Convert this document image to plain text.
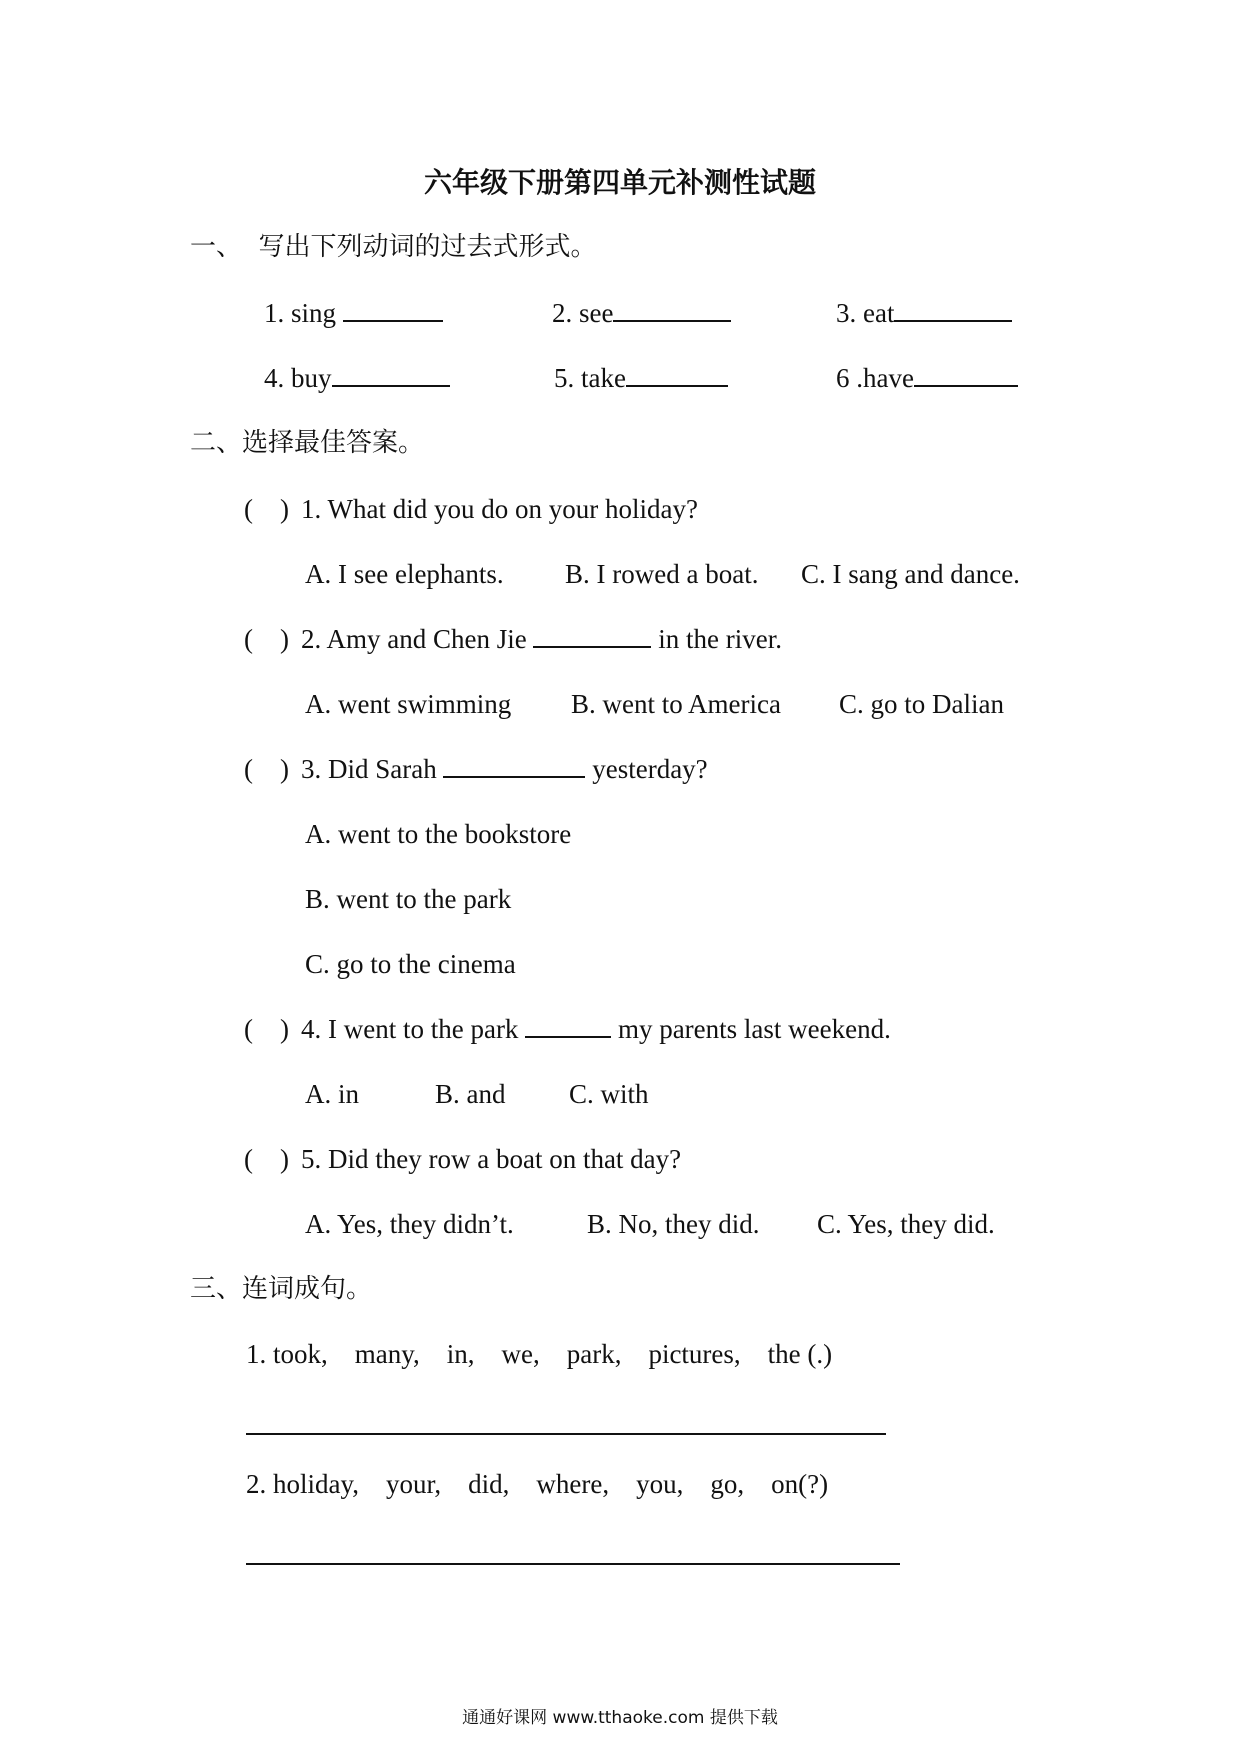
六年级下册第四单元补测性试题
一、  写出下列动词的过去式形式。
1. sing	2. see	3. eat
4. buy	5. take	6 .have
二、选择最佳答案。
(    ) 1. What did you do on your holiday?
A. I see elephants. B. I rowed a boat. C. I sang and dance.
(    ) 2. Amy and Chen Jie	in the river.
A. went swimming B. went to America C. go to Dalian
(    ) 3. Did Sarah	yesterday?
A. went to the bookstore
B. went to the park
C. go to the cinema
(    ) 4. I went to the park	my parents last weekend.
A. in	B. and C. with
(    ) 5. Did they row a boat on that day?
A. Yes, they didn’t.	B. No, they did. C. Yes, they did.
三、连词成句。
1. took,    many,    in,    we,    park,    pictures,    the (.)
2. holiday,    your,    did,    where,    you,    go,    on(?)
通通好课网 www.tthaoke.com 提供下载
